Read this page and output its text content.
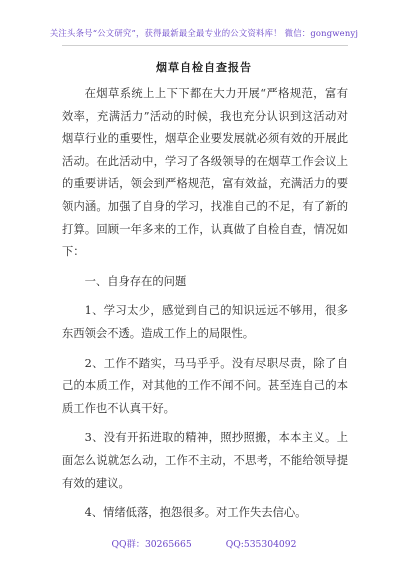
关注头条号“公文研究”，获得最新最全最专业的公文资料库！ 微信：gongwenyj
烟草自检自查报告

在烟草系统上上下下都在大力开展“严格规范，富有效率，充满活力”活动的时候，我也充分认识到这活动对烟草行业的重要性，烟草企业要发展就必须有效的开展此活动。在此活动中，学习了各级领导的在烟草工作会议上的重要讲话，领会到严格规范，富有效益，充满活力的要领内涵。加强了自身的学习，找准自己的不足，有了新的打算。回顾一年多来的工作，认真做了自检自查，情况如下：

一、自身存在的问题

1、学习太少，感觉到自己的知识远远不够用，很多东西领会不透。造成工作上的局限性。

2、工作不踏实，马马乎乎。没有尽职尽责，除了自己的本质工作，对其他的工作不闻不问。甚至连自己的本质工作也不认真干好。

3、没有开拓进取的精神，照抄照搬，本本主义。上面怎么说就怎么动，工作不主动，不思考，不能给领导提有效的建议。

4、情绪低落，抱怨很多。对工作失去信心。

QQ群：30265665	QQ:535304092
